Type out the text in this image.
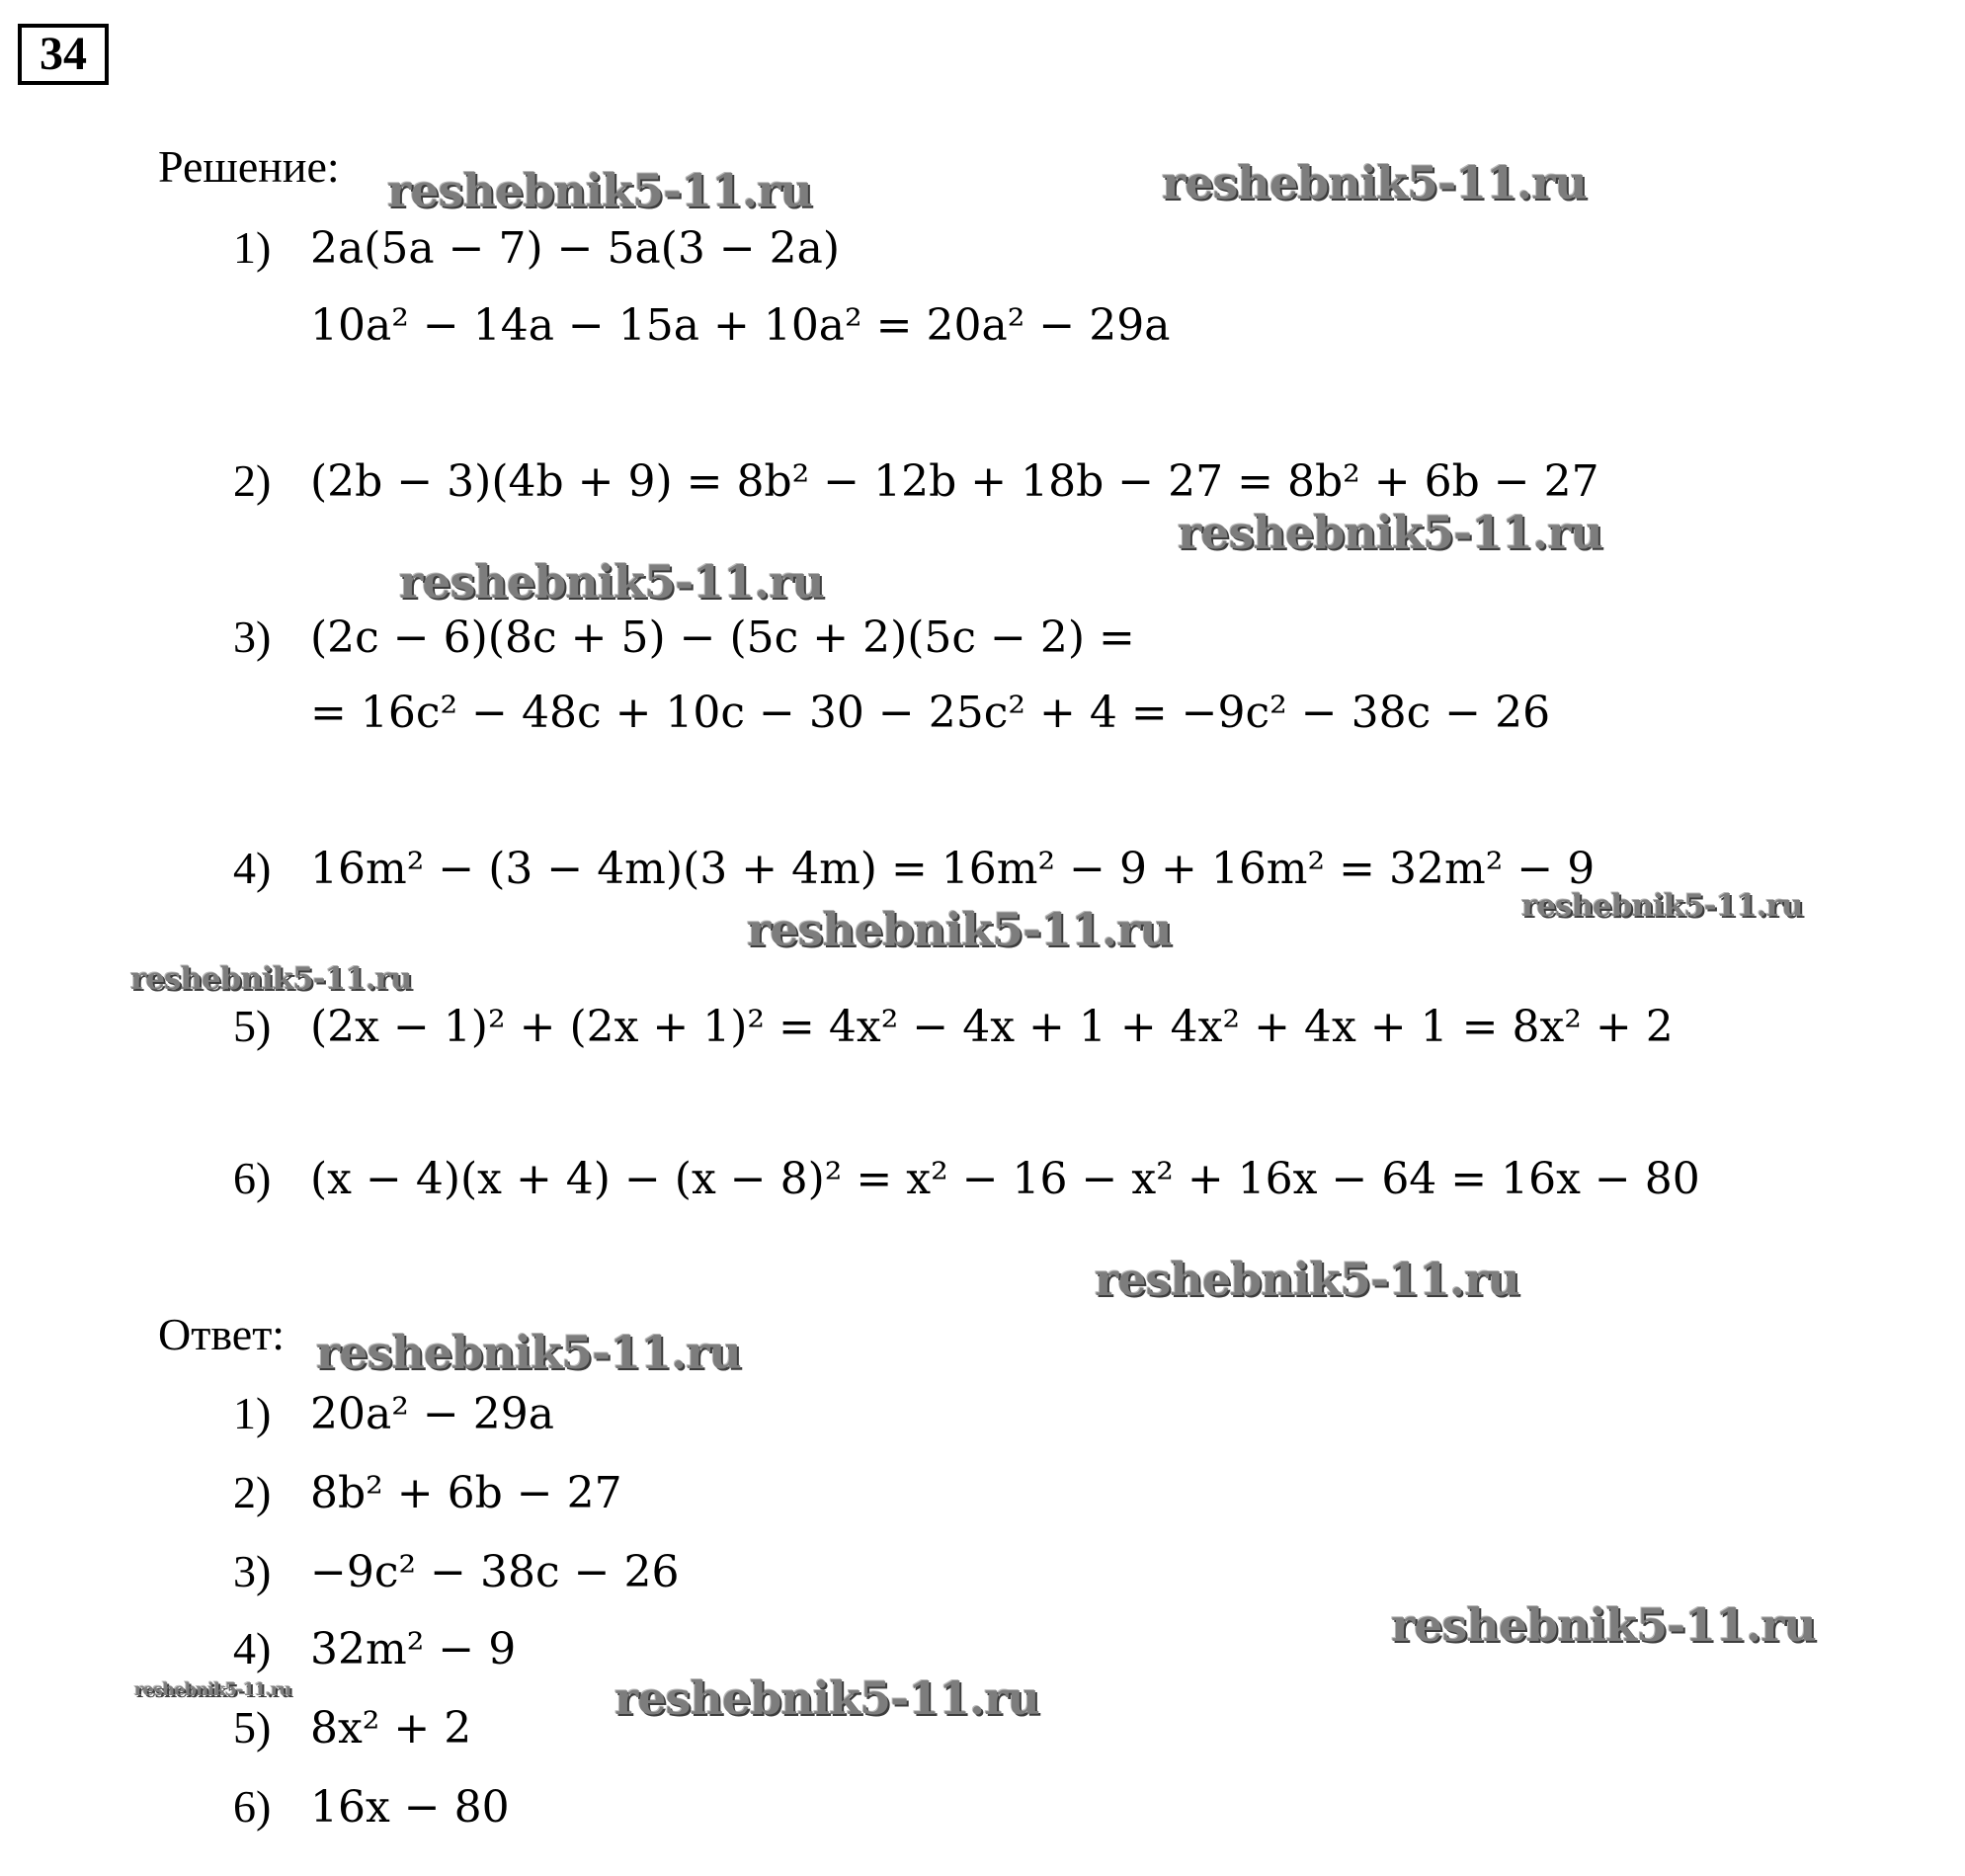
34
Решение:
1) 2a(5a − 7) − 5a(3 − 2a)
10a² − 14a − 15a + 10a² = 20a² − 29a
2) (2b − 3)(4b + 9) = 8b² − 12b + 18b − 27 = 8b² + 6b − 27
3) (2c − 6)(8c + 5) − (5c + 2)(5c − 2) =
= 16c² − 48c + 10c − 30 − 25c² + 4 = −9c² − 38c − 26
4) 16m² − (3 − 4m)(3 + 4m) = 16m² − 9 + 16m² = 32m² − 9
5) (2x − 1)² + (2x + 1)² = 4x² − 4x + 1 + 4x² + 4x + 1 = 8x² + 2
6) (x − 4)(x + 4) − (x − 8)² = x² − 16 − x² + 16x − 64 = 16x − 80
Ответ:
1) 20a² − 29a
2) 8b² + 6b − 27
3) −9c² − 38c − 26
4) 32m² − 9
5) 8x² + 2
6) 16x − 80
reshebnik5-11.ru	reshebnik5-11.ru
reshebnik5-11.ru
reshebnik5-11.ru
reshebnik5-11.ru	reshebnik5-11.ru
reshebnik5-11.ru
reshebnik5-11.ru
reshebnik5-11.ru
reshebnik5-11.ru
reshebnik5-11.ru	reshebnik5-11.ru
